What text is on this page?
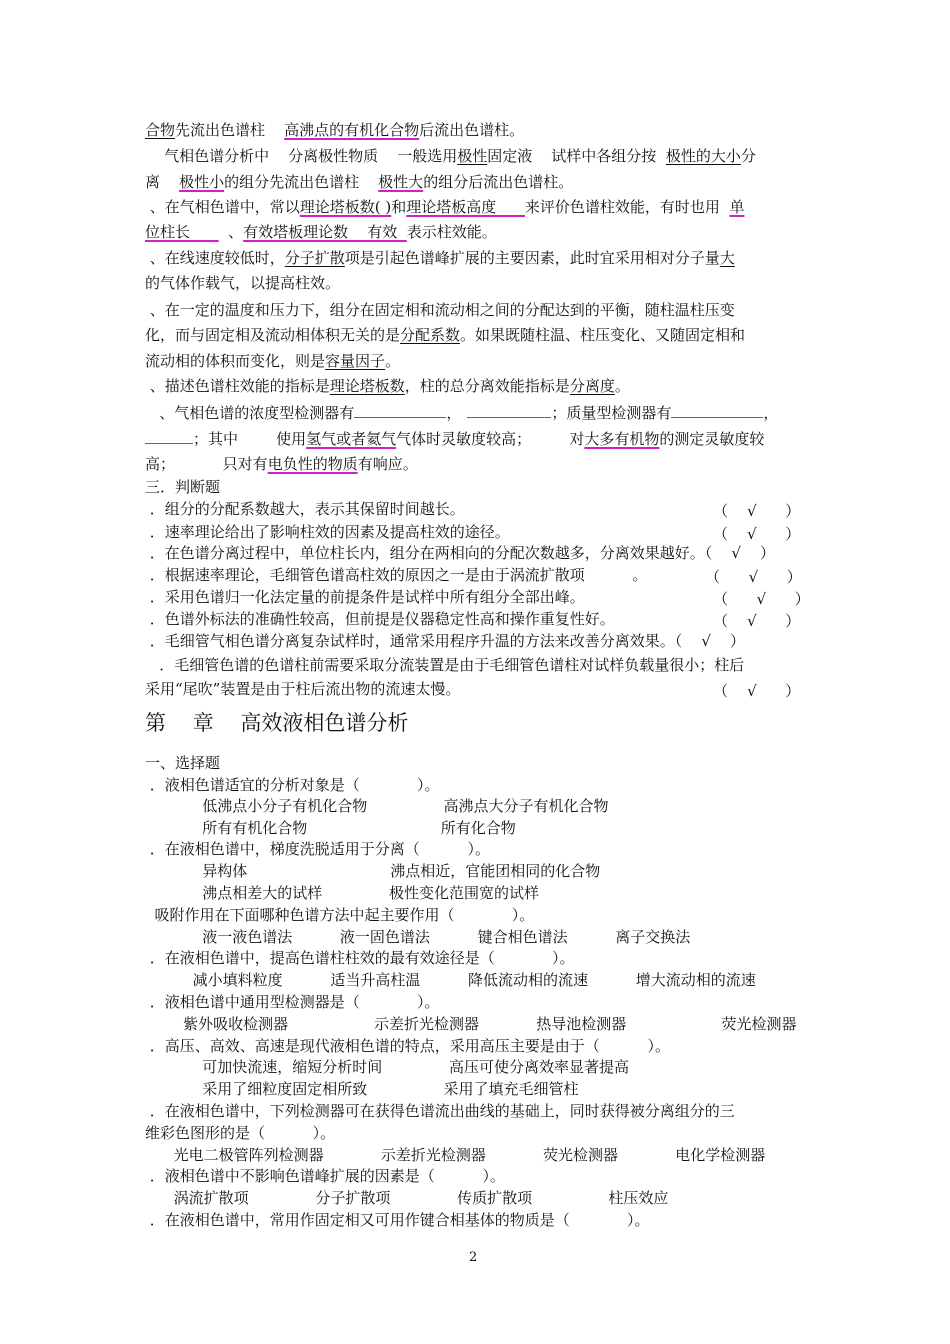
合物先流出色谱柱    高沸点的有机化合物后流出色谱柱。
气相色谱分析中    分离极性物质    一般选用极性固定液    试样中各组分按  极性的大小分
离    极性小的组分先流出色谱柱    极性大的组分后流出色谱柱。
、在气相色谱中，常以理论塔板数( )和理论塔板高度      来评价色谱柱效能，有时也用  单
位柱长        、有效塔板理论数    有效  表示柱效能。
、在线速度较低时，分子扩散项是引起色谱峰扩展的主要因素，此时宜采用相对分子量大
的气体作载气，以提高柱效。
、在一定的温度和压力下，组分在固定相和流动相之间的分配达到的平衡，随柱温柱压变
化，而与固定相及流动相体积无关的是分配系数。如果既随柱温、柱压变化、又随固定相和
流动相的体积而变化，则是容量因子。
、描述色谱柱效能的指标是理论塔板数，柱的总分离效能指标是分离度。
、气相色谱的浓度型检测器有	，	；质量型检测器有	，
；其中        使用氢气或者氦气气体时灵敏度较高；        对大多有机物的测定灵敏度较
高；          只对有电负性的物质有响应。
三．判断题
．组分的分配系数越大，表示其保留时间越长。	（    √      ）
．速率理论给出了影响柱效的因素及提高柱效的途径。	（    √      ）
．在色谱分离过程中，单位柱长内，组分在两相向的分配次数越多，分离效果越好。（    √    ）
．根据速率理论，毛细管色谱高柱效的原因之一是由于涡流扩散项          。	（      √      ）
．采用色谱归一化法定量的前提条件是试样中所有组分全部出峰。	（      √      ）
．色谱外标法的准确性较高，但前提是仪器稳定性高和操作重复性好。	（    √      ）
．毛细管气相色谱分离复杂试样时，通常采用程序升温的方法来改善分离效果。（    √    ）
．毛细管色谱的色谱柱前需要采取分流装置是由于毛细管色谱柱对试样负载量很小；柱后
采用“尾吹”装置是由于柱后流出物的流速太慢。	（    √      ）
第    章    高效液相色谱分析
一、选择题
．液相色谱适宜的分析对象是（            ）。
低沸点小分子有机化合物                高沸点大分子有机化合物
所有有机化合物                            所有化合物
．在液相色谱中，梯度洗脱适用于分离（          ）。
异构体                              沸点相近，官能团相同的化合物
沸点相差大的试样              极性变化范围宽的试样
吸附作用在下面哪种色谱方法中起主要作用（            ）。
液一液色谱法          液一固色谱法          键合相色谱法          离子交换法
．在液相色谱中，提高色谱柱柱效的最有效途径是（            ）。
减小填料粒度          适当升高柱温          降低流动相的流速          增大流动相的流速
．液相色谱中通用型检测器是（            ）。
紫外吸收检测器                  示差折光检测器            热导池检测器                    荧光检测器
．高压、高效、高速是现代液相色谱的特点，采用高压主要是由于（          ）。
可加快流速，缩短分析时间              高压可使分离效率显著提高
采用了细粒度固定相所致                采用了填充毛细管柱
．在液相色谱中，下列检测器可在获得色谱流出曲线的基础上，同时获得被分离组分的三
维彩色图形的是（          ）。
光电二极管阵列检测器            示差折光检测器            荧光检测器            电化学检测器
．液相色谱中不影响色谱峰扩展的因素是（          ）。
涡流扩散项              分子扩散项              传质扩散项                柱压效应
．在液相色谱中，常用作固定相又可用作键合相基体的物质是（            ）。
2
